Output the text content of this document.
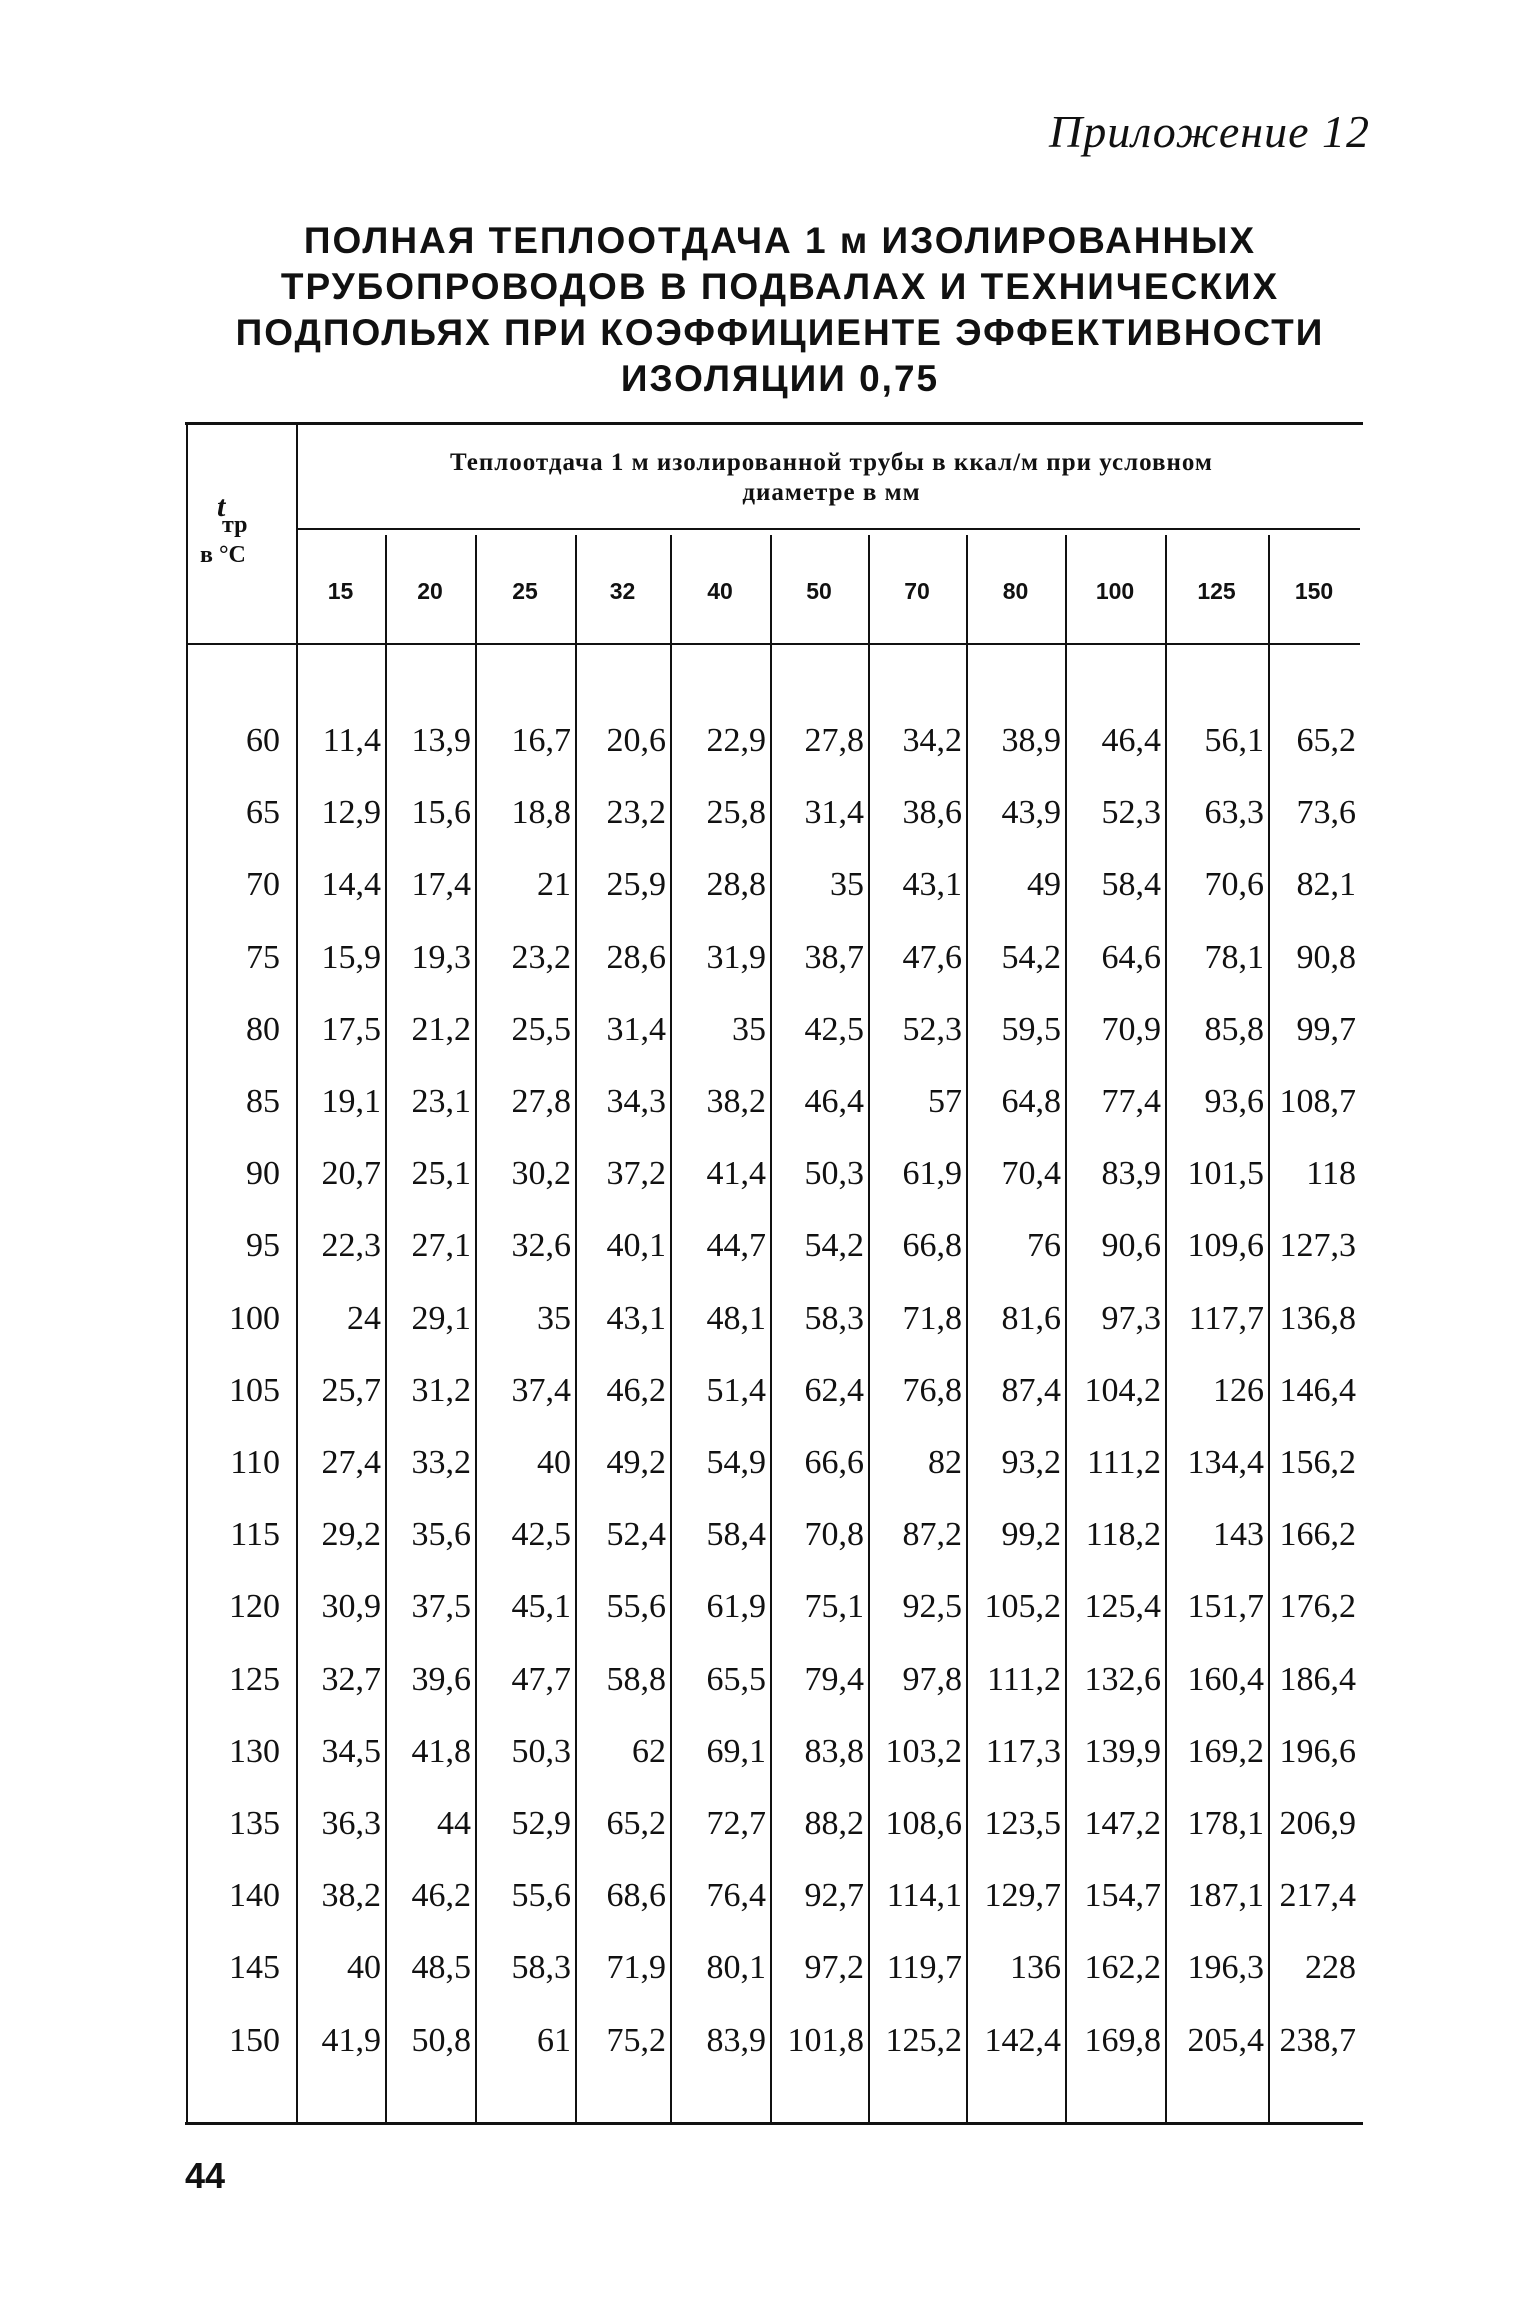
Приложение 12
ПОЛНАЯ ТЕПЛООТДАЧА 1 м ИЗОЛИРОВАННЫХ
ТРУБОПРОВОДОВ В ПОДВАЛАХ И ТЕХНИЧЕСКИХ
ПОДПОЛЬЯХ ПРИ КОЭФФИЦИЕНТЕ ЭФФЕКТИВНОСТИ
ИЗОЛЯЦИИ 0,75
t
тр
в °С
Теплоотдача 1 м изолированной трубы в ккал/м при условном
диаметре в мм
15	20	25	32	40	50	70	80	100	125	150
60	11,4 13,9	16,7	20,6	22,9	27,8	34,2	38,9	46,4	56,1 65,2
65	12,9 15,6	18,8	23,2	25,8	31,4	38,6	43,9	52,3	63,3 73,6
70	14,4 17,4	21	25,9	28,8	35	43,1	49	58,4	70,6 82,1
75	15,9 19,3	23,2	28,6	31,9	38,7	47,6	54,2	64,6	78,1 90,8
80	17,5 21,2	25,5	31,4	35	42,5	52,3	59,5	70,9	85,8 99,7
85	19,1 23,1	27,8	34,3	38,2	46,4	57	64,8	77,4	93,6 108,7
90	20,7 25,1	30,2	37,2	41,4	50,3	61,9	70,4	83,9 101,5	118
95	22,3 27,1	32,6	40,1	44,7	54,2	66,8	76	90,6 109,6 127,3
100	24 29,1	35	43,1	48,1	58,3	71,8	81,6	97,3 117,7 136,8
105	25,7 31,2	37,4	46,2	51,4	62,4	76,8	87,4 104,2	126 146,4
110	27,4 33,2	40	49,2	54,9	66,6	82	93,2 111,2 134,4 156,2
115	29,2 35,6	42,5	52,4	58,4	70,8	87,2	99,2 118,2	143 166,2
120	30,9 37,5	45,1	55,6	61,9	75,1	92,5 105,2 125,4 151,7 176,2
125	32,7 39,6	47,7	58,8	65,5	79,4	97,8 111,2 132,6 160,4 186,4
130	34,5 41,8	50,3	62	69,1	83,8 103,2 117,3 139,9 169,2 196,6
135	36,3	44	52,9	65,2	72,7	88,2 108,6 123,5 147,2 178,1 206,9
140	38,2 46,2	55,6	68,6	76,4	92,7 114,1 129,7 154,7 187,1 217,4
145	40 48,5	58,3	71,9	80,1	97,2 119,7	136 162,2 196,3	228
150	41,9 50,8	61	75,2	83,9 101,8 125,2 142,4 169,8 205,4 238,7
44
